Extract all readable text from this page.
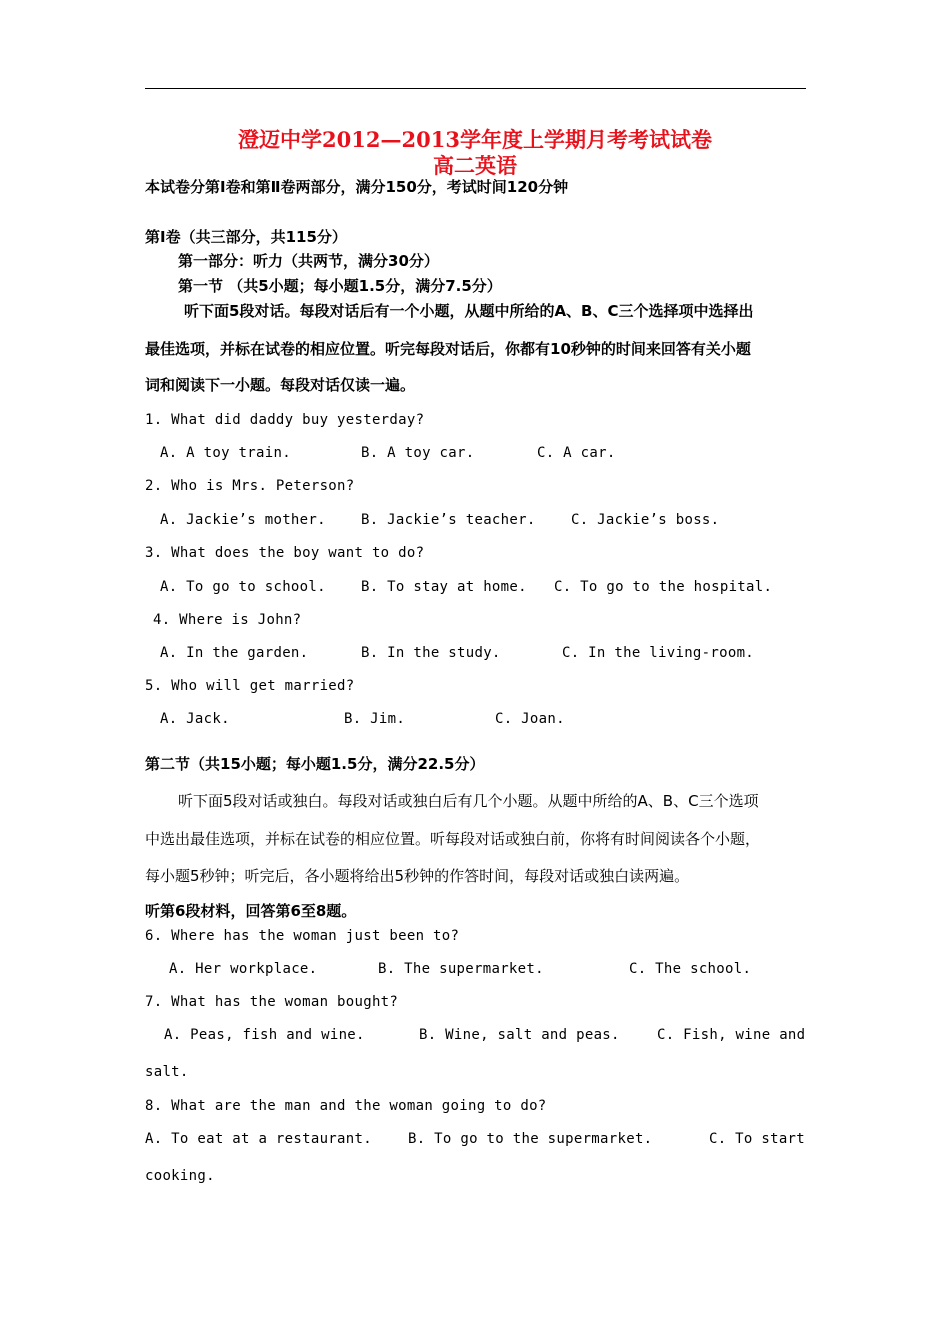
澄迈中学2012—2013学年度上学期月考考试试卷
高二英语
本试卷分第Ⅰ卷和第Ⅱ卷两部分，满分150分，考试时间120分钟
第Ⅰ卷（共三部分，共115分）
第一部分：听力（共两节，满分30分）
第一节 （共5小题；每小题1.5分，满分7.5分）
听下面5段对话。每段对话后有一个小题，从题中所给的A、B、C三个选择项中选择出
最佳选项，并标在试卷的相应位置。听完每段对话后，你都有10秒钟的时间来回答有关小题
词和阅读下一小题。每段对话仅读一遍。
1. What did daddy buy yesterday?
A. A toy train.	B. A toy car.	C. A car.
2. Who is Mrs. Peterson?
A. Jackie’s mother.	B. Jackie’s teacher.	C. Jackie’s boss.
3. What does the boy want to do?
A. To go to school.	B. To stay at home. C. To go to the hospital.
4. Where is John?
A. In the garden.	B. In the study.	C. In the living-room.
5. Who will get married?
A. Jack.	B. Jim.	C. Joan.
第二节（共15小题；每小题1.5分，满分22.5分）
听下面5段对话或独白。每段对话或独白后有几个小题。从题中所给的A、B、C三个选项
中选出最佳选项，并标在试卷的相应位置。听每段对话或独白前，你将有时间阅读各个小题，
每小题5秒钟；听完后，各小题将给出5秒钟的作答时间，每段对话或独白读两遍。
听第6段材料，回答第6至8题。
6. Where has the woman just been to?
A. Her workplace.	B. The supermarket.	C. The school.
7. What has the woman bought?
A. Peas, fish and wine.	B. Wine, salt and peas.	C. Fish, wine and
salt.
8. What are the man and the woman going to do?
A. To eat at a restaurant.	B. To go to the supermarket.	C. To start
cooking.
